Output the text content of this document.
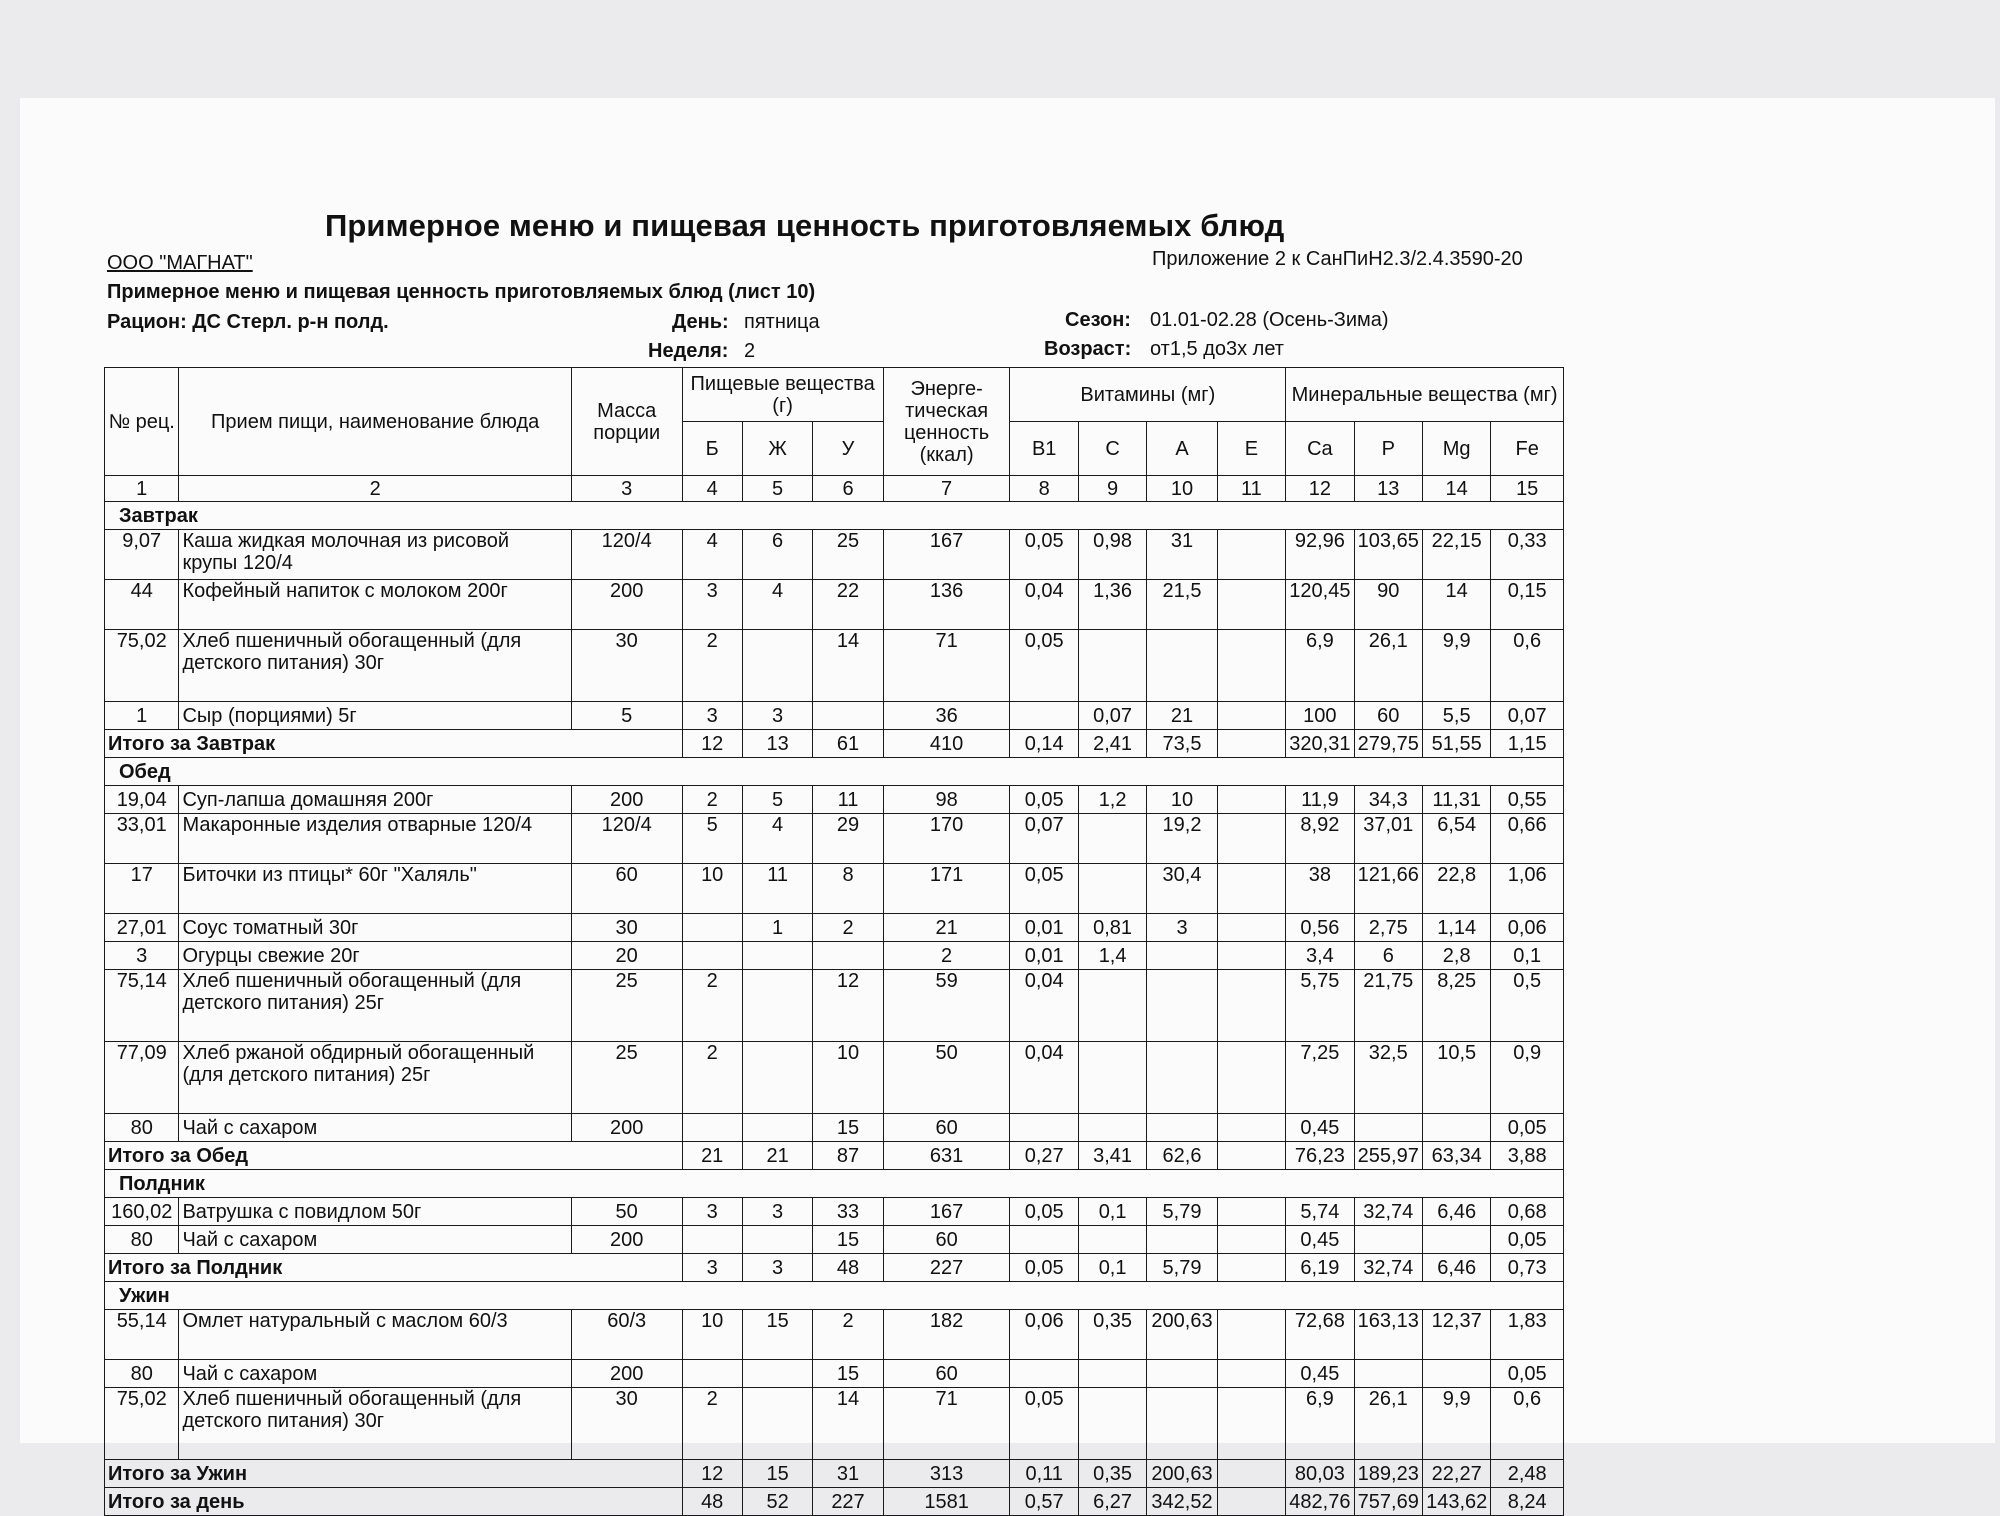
Примерное меню и пищевая ценность приготовляемых блюд
ООО "МАГНАТ"	Приложение 2 к СанПиН2.3/2.4.3590-20
Примерное меню и пищевая ценность приготовляемых блюд (лист 10)
Рацион: ДС Стерл. р-н полд.	День: пятница	Сезон: 01.01-02.28 (Осень-Зима)
Неделя: 2	Возраст: от1,5 до3х лет
№ рец.	Прием пищи, наименование блюда	Масса порции	Пищевые вещества (г)			Энерге-тическая ценность (ккал)	Витамины (мг)				Минеральные вещества (мг)			
			Б	Ж	У		B1	C	A	E	Ca	P	Mg	Fe
1	2	3	4	5	6	7	8	9	10	11	12	13	14	15
Завтрак														
9,07	Каша жидкая молочная из рисовой крупы 120/4	120/4	4	6	25	167	0,05	0,98	31		92,96	103,65	22,15	0,33
44	Кофейный напиток с молоком 200г	200	3	4	22	136	0,04	1,36	21,5		120,45	90	14	0,15
75,02	Хлеб пшеничный обогащенный (для детского питания) 30г	30	2		14	71	0,05				6,9	26,1	9,9	0,6
1	Сыр (порциями) 5г	5	3	3		36		0,07	21		100	60	5,5	0,07
Итого за Завтрак			12	13	61	410	0,14	2,41	73,5		320,31	279,75	51,55	1,15
Обед														
19,04	Суп-лапша домашняя 200г	200	2	5	11	98	0,05	1,2	10		11,9	34,3	11,31	0,55
33,01	Макаронные изделия отварные 120/4	120/4	5	4	29	170	0,07		19,2		8,92	37,01	6,54	0,66
17	Биточки из птицы* 60г "Халяль"	60	10	11	8	171	0,05		30,4		38	121,66	22,8	1,06
27,01	Соус томатный 30г	30		1	2	21	0,01	0,81	3		0,56	2,75	1,14	0,06
3	Огурцы свежие 20г	20				2	0,01	1,4			3,4	6	2,8	0,1
75,14	Хлеб пшеничный обогащенный (для детского питания) 25г	25	2		12	59	0,04				5,75	21,75	8,25	0,5
77,09	Хлеб ржаной обдирный обогащенный (для детского питания) 25г	25	2		10	50	0,04				7,25	32,5	10,5	0,9
80	Чай с сахаром	200			15	60					0,45			0,05
Итого за Обед			21	21	87	631	0,27	3,41	62,6		76,23	255,97	63,34	3,88
Полдник														
160,02	Ватрушка с повидлом 50г	50	3	3	33	167	0,05	0,1	5,79		5,74	32,74	6,46	0,68
80	Чай с сахаром	200			15	60					0,45			0,05
Итого за Полдник			3	3	48	227	0,05	0,1	5,79		6,19	32,74	6,46	0,73
Ужин														
55,14	Омлет натуральный с маслом 60/3	60/3	10	15	2	182	0,06	0,35	200,63		72,68	163,13	12,37	1,83
80	Чай с сахаром	200			15	60					0,45			0,05
75,02	Хлеб пшеничный обогащенный (для детского питания) 30г	30	2		14	71	0,05				6,9	26,1	9,9	0,6
Итого за Ужин			12	15	31	313	0,11	0,35	200,63		80,03	189,23	22,27	2,48
Итого за день			48	52	227	1581	0,57	6,27	342,52		482,76	757,69	143,62	8,24
